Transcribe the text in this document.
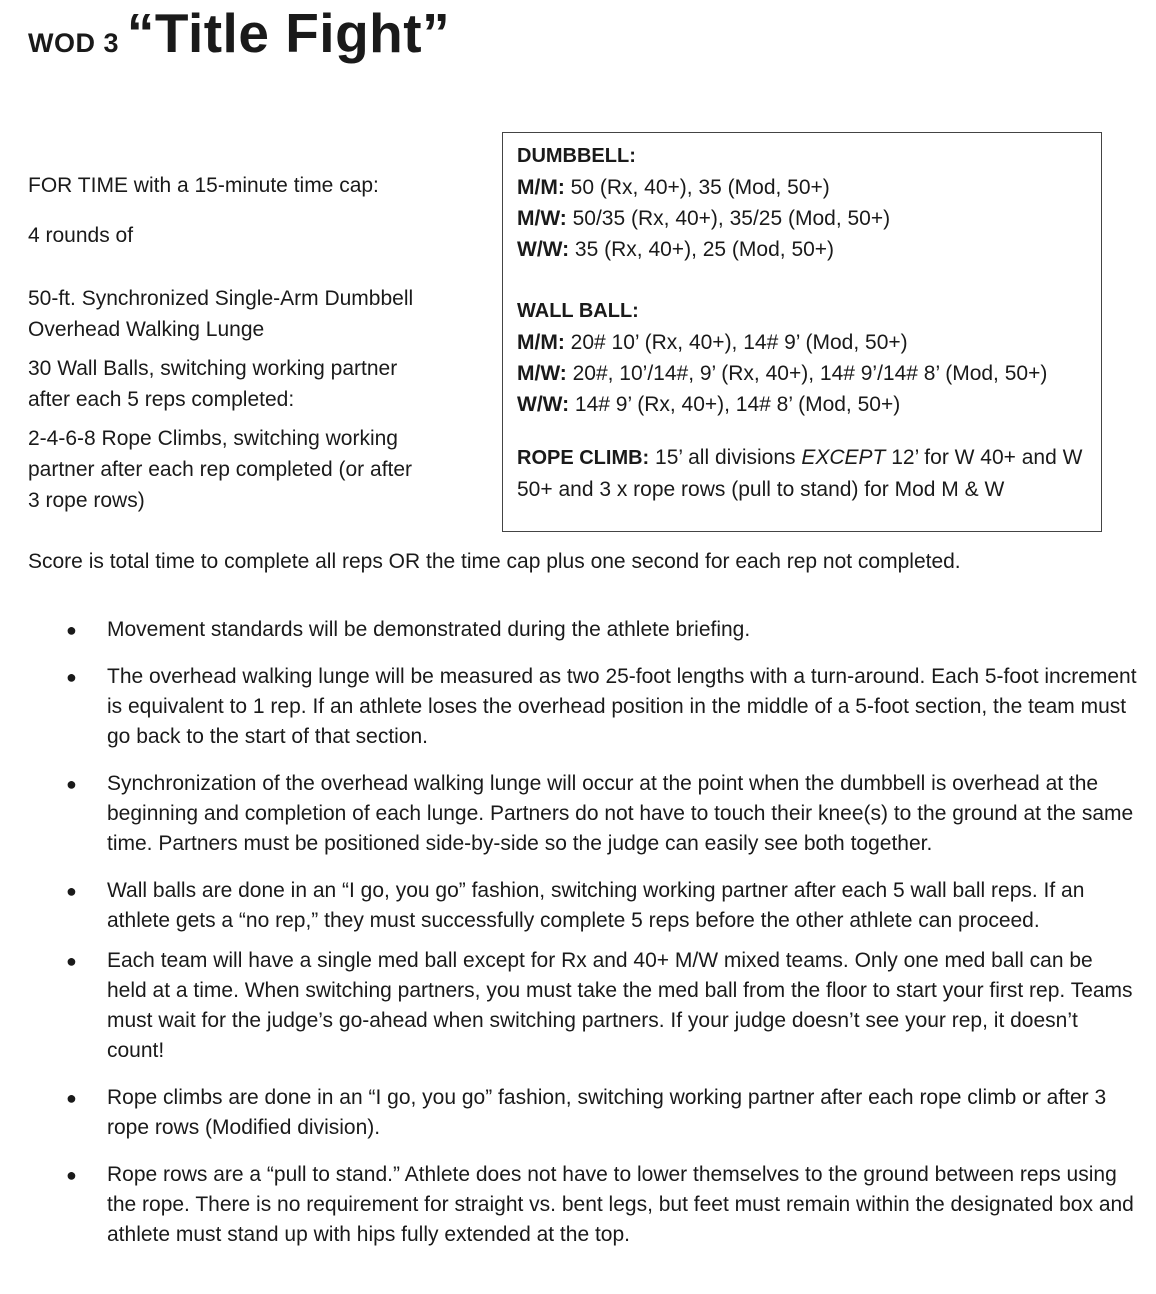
WOD 3 “Title Fight”

FOR TIME with a 15-minute time cap:

4 rounds of

50-ft. Synchronized Single-Arm Dumbbell Overhead Walking Lunge

30 Wall Balls, switching working partner after each 5 reps completed:

2-4-6-8 Rope Climbs, switching working partner after each rep completed (or after 3 rope rows)

DUMBBELL:

M/M: 50 (Rx, 40+), 35 (Mod, 50+)

M/W: 50/35 (Rx, 40+), 35/25 (Mod, 50+)

W/W: 35 (Rx, 40+), 25 (Mod, 50+)

WALL BALL:

M/M: 20# 10’ (Rx, 40+), 14# 9’ (Mod, 50+)

M/W: 20#, 10’/14#, 9’ (Rx, 40+), 14# 9’/14# 8’ (Mod, 50+)

W/W: 14# 9’ (Rx, 40+), 14# 8’ (Mod, 50+)

ROPE CLIMB: 15’ all divisions EXCEPT 12’ for W 40+ and W 50+ and 3 x rope rows (pull to stand) for Mod M & W

Score is total time to complete all reps OR the time cap plus one second for each rep not completed.

● Movement standards will be demonstrated during the athlete briefing.
● The overhead walking lunge will be measured as two 25-foot lengths with a turn-around. Each 5-foot increment is equivalent to 1 rep. If an athlete loses the overhead position in the middle of a 5-foot section, the team must go back to the start of that section.
● Synchronization of the overhead walking lunge will occur at the point when the dumbbell is overhead at the beginning and completion of each lunge. Partners do not have to touch their knee(s) to the ground at the same time. Partners must be positioned side-by-side so the judge can easily see both together.
● Wall balls are done in an “I go, you go” fashion, switching working partner after each 5 wall ball reps. If an athlete gets a “no rep,” they must successfully complete 5 reps before the other athlete can proceed.
● Each team will have a single med ball except for Rx and 40+ M/W mixed teams. Only one med ball can be held at a time. When switching partners, you must take the med ball from the floor to start your first rep. Teams must wait for the judge’s go-ahead when switching partners. If your judge doesn’t see your rep, it doesn’t count!
● Rope climbs are done in an “I go, you go” fashion, switching working partner after each rope climb or after 3 rope rows (Modified division).
● Rope rows are a “pull to stand.” Athlete does not have to lower themselves to the ground between reps using the rope. There is no requirement for straight vs. bent legs, but feet must remain within the designated box and athlete must stand up with hips fully extended at the top.
